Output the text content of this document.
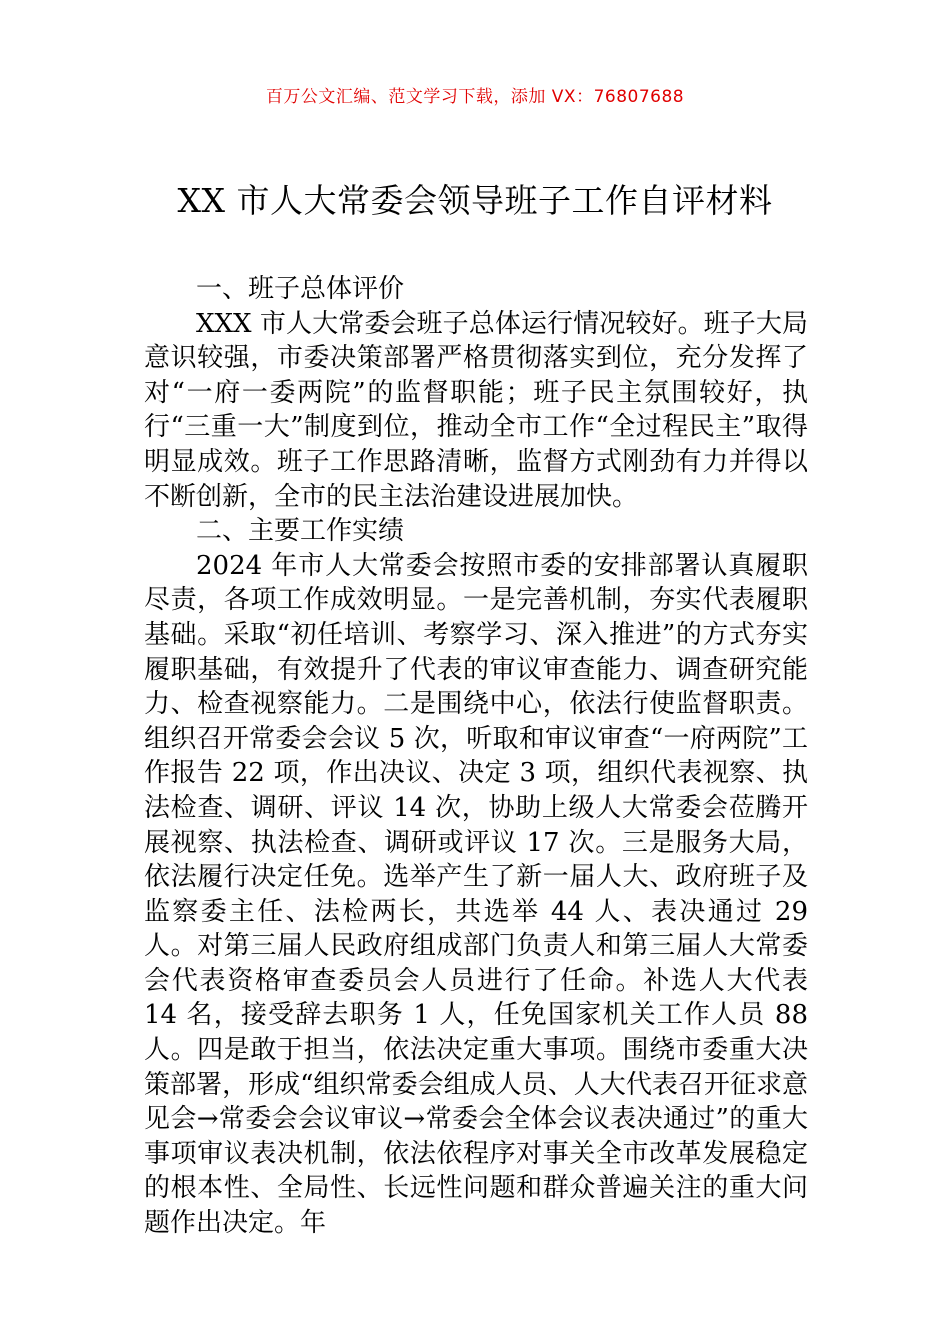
百万公文汇编、范文学习下载，添加 VX：76807688
XX 市人大常委会领导班子工作自评材料
一、班子总体评价

XXX 市人大常委会班子总体运行情况较好。班子大局意识较强，市委决策部署严格贯彻落实到位，充分发挥了对“一府一委两院”的监督职能；班子民主氛围较好，执行“三重一大”制度到位，推动全市工作“全过程民主”取得明显成效。班子工作思路清晰，监督方式刚劲有力并得以不断创新，全市的民主法治建设进展加快。

二、主要工作实绩

2024 年市人大常委会按照市委的安排部署认真履职尽责，各项工作成效明显。一是完善机制，夯实代表履职基础。采取“初任培训、考察学习、深入推进”的方式夯实履职基础，有效提升了代表的审议审查能力、调查研究能力、检查视察能力。二是围绕中心，依法行使监督职责。组织召开常委会会议 5 次，听取和审议审查“一府两院”工作报告 22 项，作出决议、决定 3 项，组织代表视察、执法检查、调研、评议 14 次，协助上级人大常委会莅腾开展视察、执法检查、调研或评议 17 次。三是服务大局，依法履行决定任免。选举产生了新一届人大、政府班子及监察委主任、法检两长，共选举 44 人、表决通过 29 人。对第三届人民政府组成部门负责人和第三届人大常委会代表资格审查委员会人员进行了任命。补选人大代表 14 名，接受辞去职务 1 人，任免国家机关工作人员 88 人。四是敢于担当，依法决定重大事项。围绕市委重大决策部署，形成“组织常委会组成人员、人大代表召开征求意见会→常委会会议审议→常委会全体会议表决通过”的重大事项审议表决机制，依法依程序对事关全市改革发展稳定的根本性、全局性、长远性问题和群众普遍关注的重大问题作出决定。年
